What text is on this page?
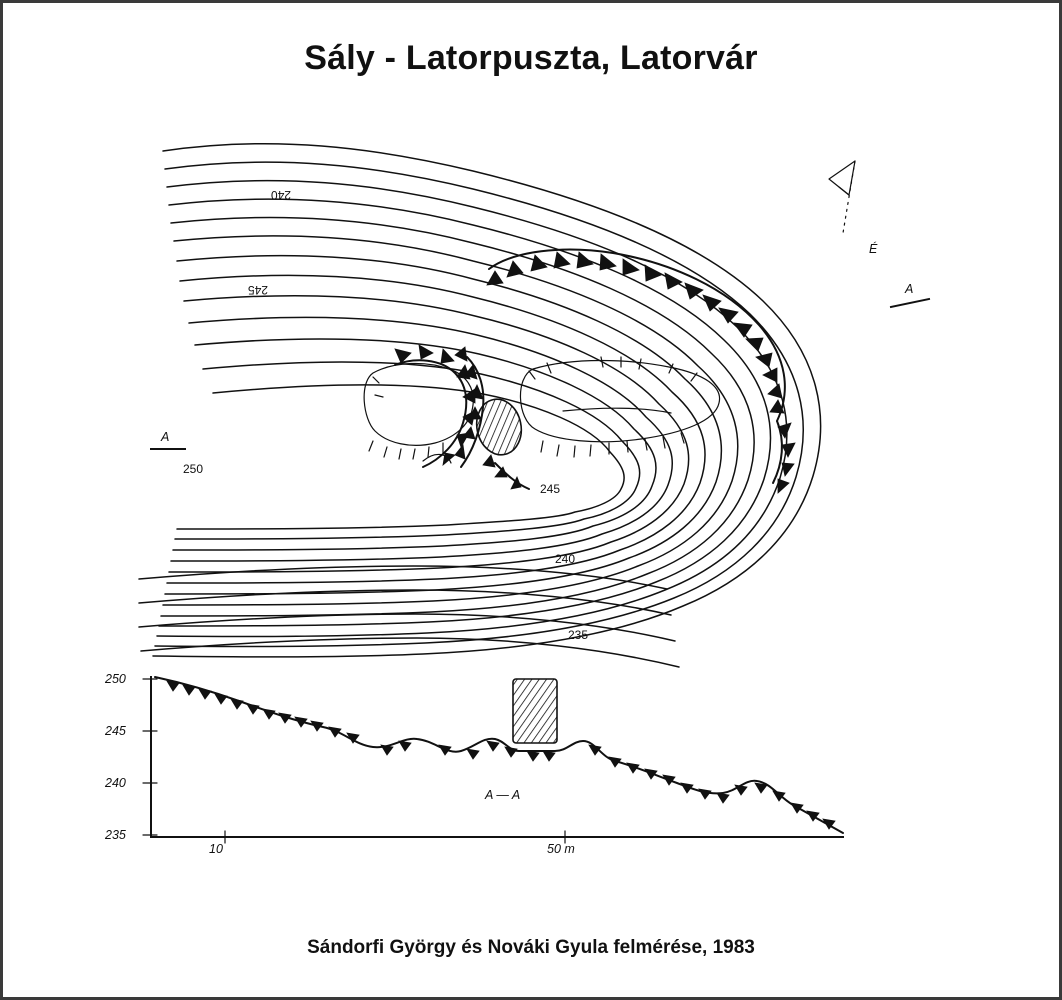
Sály - Latorpuszta, Latorvár
240
245
250
245
240
235
A
A
É
250
245
240
235
A — A
10	50 m
Sándorfi György és Nováki Gyula felmérése, 1983
